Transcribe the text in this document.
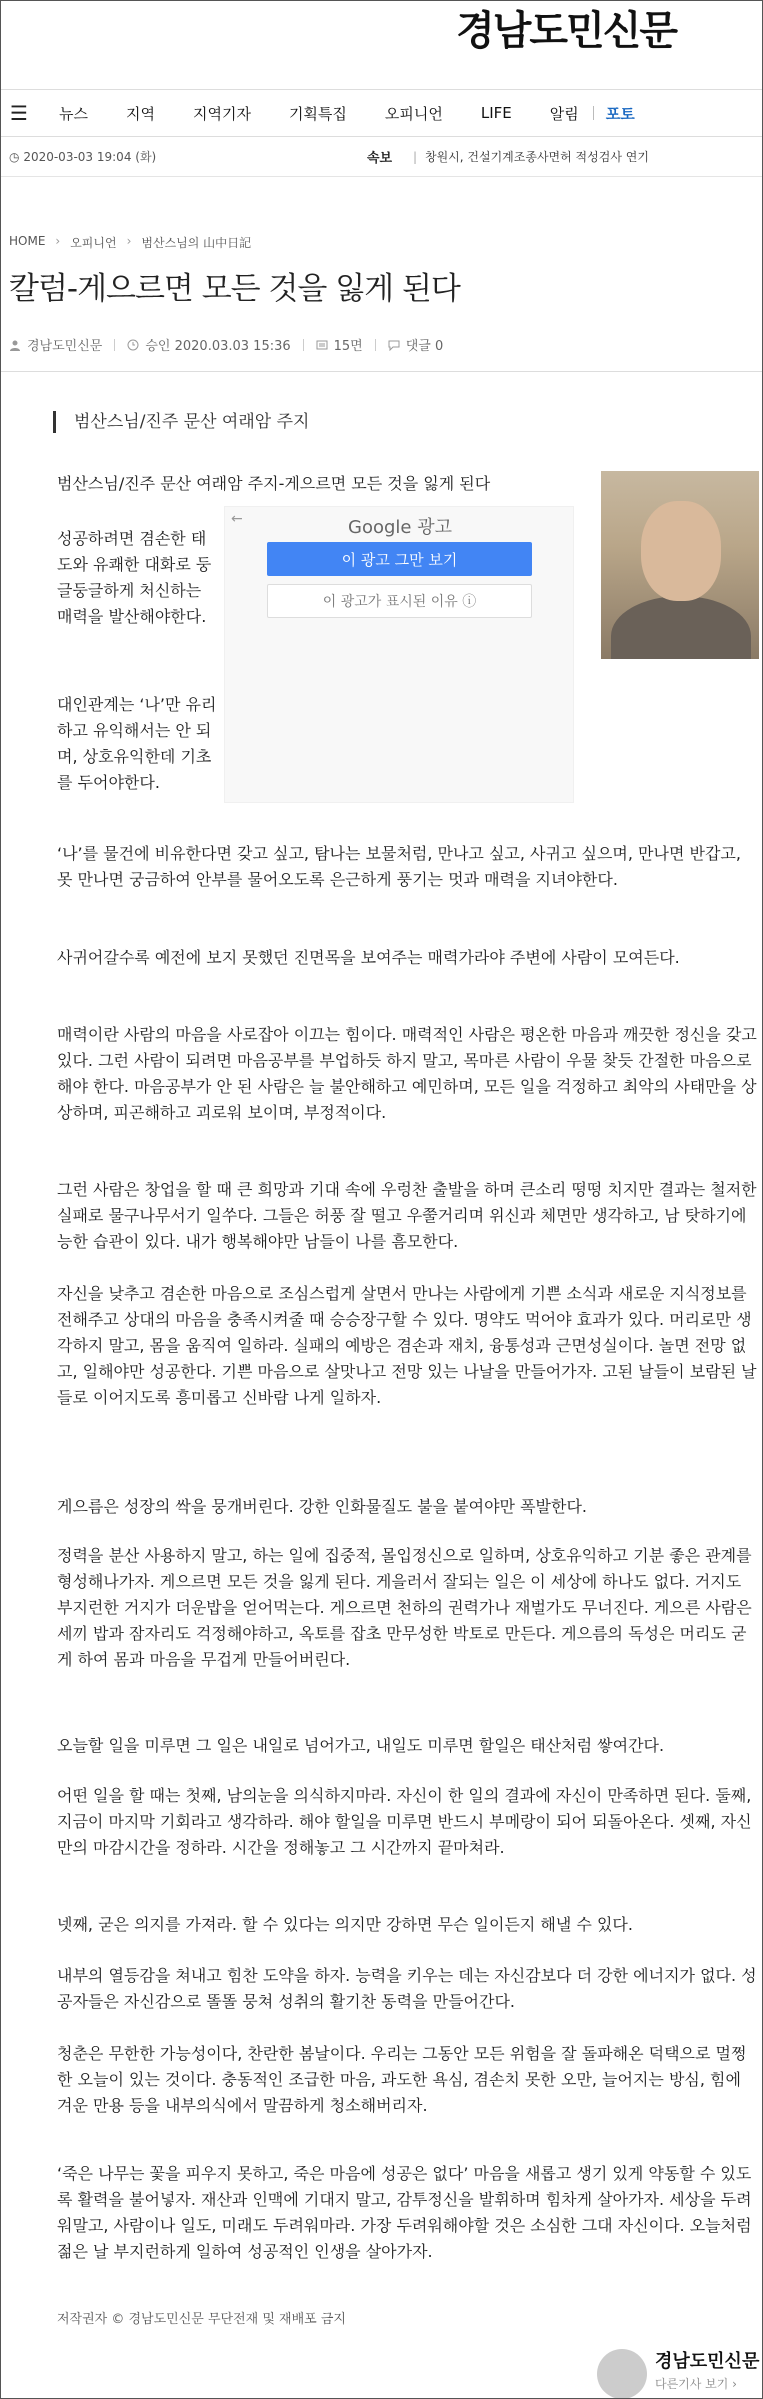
경남도민신문
☰	뉴스	지역	지역기자	기획특집	오피니언	LIFE	알림 포토
◷ 2020-03-03 19:04 (화)	속보 | 창원시, 건설기계조종사면허 적성검사 연기
HOME › 오피니언 › 범산스님의 山中日記
칼럼-게으르면 모든 것을 잃게 된다
경남도민신문	승인 2020.03.03 15:36	15면	댓글 0
범산스님/진주 문산 여래암 주지
범산스님/진주 문산 여래암 주지-게으르면 모든 것을 잃게 된다
성공하려면 겸손한 태도와 유쾌한 대화로 둥글둥글하게 처신하는 매력을 발산해야한다.
대인관계는 ‘나’만 유리하고 유익해서는 안 되며, 상호유익한데 기초를 두어야한다.
←	Google 광고
이 광고 그만 보기
이 광고가 표시된 이유 ⓘ
‘나’를 물건에 비유한다면 갖고 싶고, 탐나는 보물처럼, 만나고 싶고, 사귀고 싶으며, 만나면 반갑고, 못 만나면 궁금하여 안부를 물어오도록 은근하게 풍기는 멋과 매력을 지녀야한다.
사귀어갈수록 예전에 보지 못했던 진면목을 보여주는 매력가라야 주변에 사람이 모여든다.
매력이란 사람의 마음을 사로잡아 이끄는 힘이다. 매력적인 사람은 평온한 마음과 깨끗한 정신을 갖고 있다. 그런 사람이 되려면 마음공부를 부업하듯 하지 말고, 목마른 사람이 우물 찾듯 간절한 마음으로 해야 한다. 마음공부가 안 된 사람은 늘 불안해하고 예민하며, 모든 일을 걱정하고 최악의 사태만을 상상하며, 피곤해하고 괴로워 보이며, 부정적이다.
그런 사람은 창업을 할 때 큰 희망과 기대 속에 우렁찬 출발을 하며 큰소리 떵떵 치지만 결과는 철저한 실패로 물구나무서기 일쑤다. 그들은 허풍 잘 떨고 우쭐거리며 위신과 체면만 생각하고, 남 탓하기에 능한 습관이 있다. 내가 행복해야만 남들이 나를 흠모한다.
자신을 낮추고 겸손한 마음으로 조심스럽게 살면서 만나는 사람에게 기쁜 소식과 새로운 지식정보를 전해주고 상대의 마음을 충족시켜줄 때 승승장구할 수 있다. 명약도 먹어야 효과가 있다. 머리로만 생각하지 말고, 몸을 움직여 일하라. 실패의 예방은 겸손과 재치, 융통성과 근면성실이다. 놀면 전망 없고, 일해야만 성공한다. 기쁜 마음으로 살맛나고 전망 있는 나날을 만들어가자. 고된 날들이 보람된 날들로 이어지도록 흥미롭고 신바람 나게 일하자.
게으름은 성장의 싹을 뭉개버린다. 강한 인화물질도 불을 붙여야만 폭발한다.
정력을 분산 사용하지 말고, 하는 일에 집중적, 몰입정신으로 일하며, 상호유익하고 기분 좋은 관계를 형성해나가자. 게으르면 모든 것을 잃게 된다. 게을러서 잘되는 일은 이 세상에 하나도 없다. 거지도 부지런한 거지가 더운밥을 얻어먹는다. 게으르면 천하의 권력가나 재벌가도 무너진다. 게으른 사람은 세끼 밥과 잠자리도 걱정해야하고, 옥토를 잡초 만무성한 박토로 만든다. 게으름의 독성은 머리도 굳게 하여 몸과 마음을 무겁게 만들어버린다.
오늘할 일을 미루면 그 일은 내일로 넘어가고, 내일도 미루면 할일은 태산처럼 쌓여간다.
어떤 일을 할 때는 첫째, 남의눈을 의식하지마라. 자신이 한 일의 결과에 자신이 만족하면 된다. 둘째, 지금이 마지막 기회라고 생각하라. 해야 할일을 미루면 반드시 부메랑이 되어 되돌아온다. 셋째, 자신만의 마감시간을 정하라. 시간을 정해놓고 그 시간까지 끝마쳐라.
넷째, 굳은 의지를 가져라. 할 수 있다는 의지만 강하면 무슨 일이든지 해낼 수 있다.
내부의 열등감을 쳐내고 힘찬 도약을 하자. 능력을 키우는 데는 자신감보다 더 강한 에너지가 없다. 성공자들은 자신감으로 똘똘 뭉쳐 성취의 활기찬 동력을 만들어간다.
청춘은 무한한 가능성이다, 찬란한 봄날이다. 우리는 그동안 모든 위험을 잘 돌파해온 덕택으로 멀쩡한 오늘이 있는 것이다. 충동적인 조급한 마음, 과도한 욕심, 겸손치 못한 오만, 늘어지는 방심, 힘에 겨운 만용 등을 내부의식에서 말끔하게 청소해버리자.
‘죽은 나무는 꽃을 피우지 못하고, 죽은 마음에 성공은 없다’ 마음을 새롭고 생기 있게 약동할 수 있도록 활력을 불어넣자. 재산과 인맥에 기대지 말고, 감투정신을 발휘하며 힘차게 살아가자. 세상을 두려워말고, 사람이나 일도, 미래도 두려워마라. 가장 두려워해야할 것은 소심한 그대 자신이다. 오늘처럼 젊은 날 부지런하게 일하여 성공적인 인생을 살아가자.
저작권자 © 경남도민신문 무단전재 및 재배포 금지
경남도민신문
다른기사 보기 ›
